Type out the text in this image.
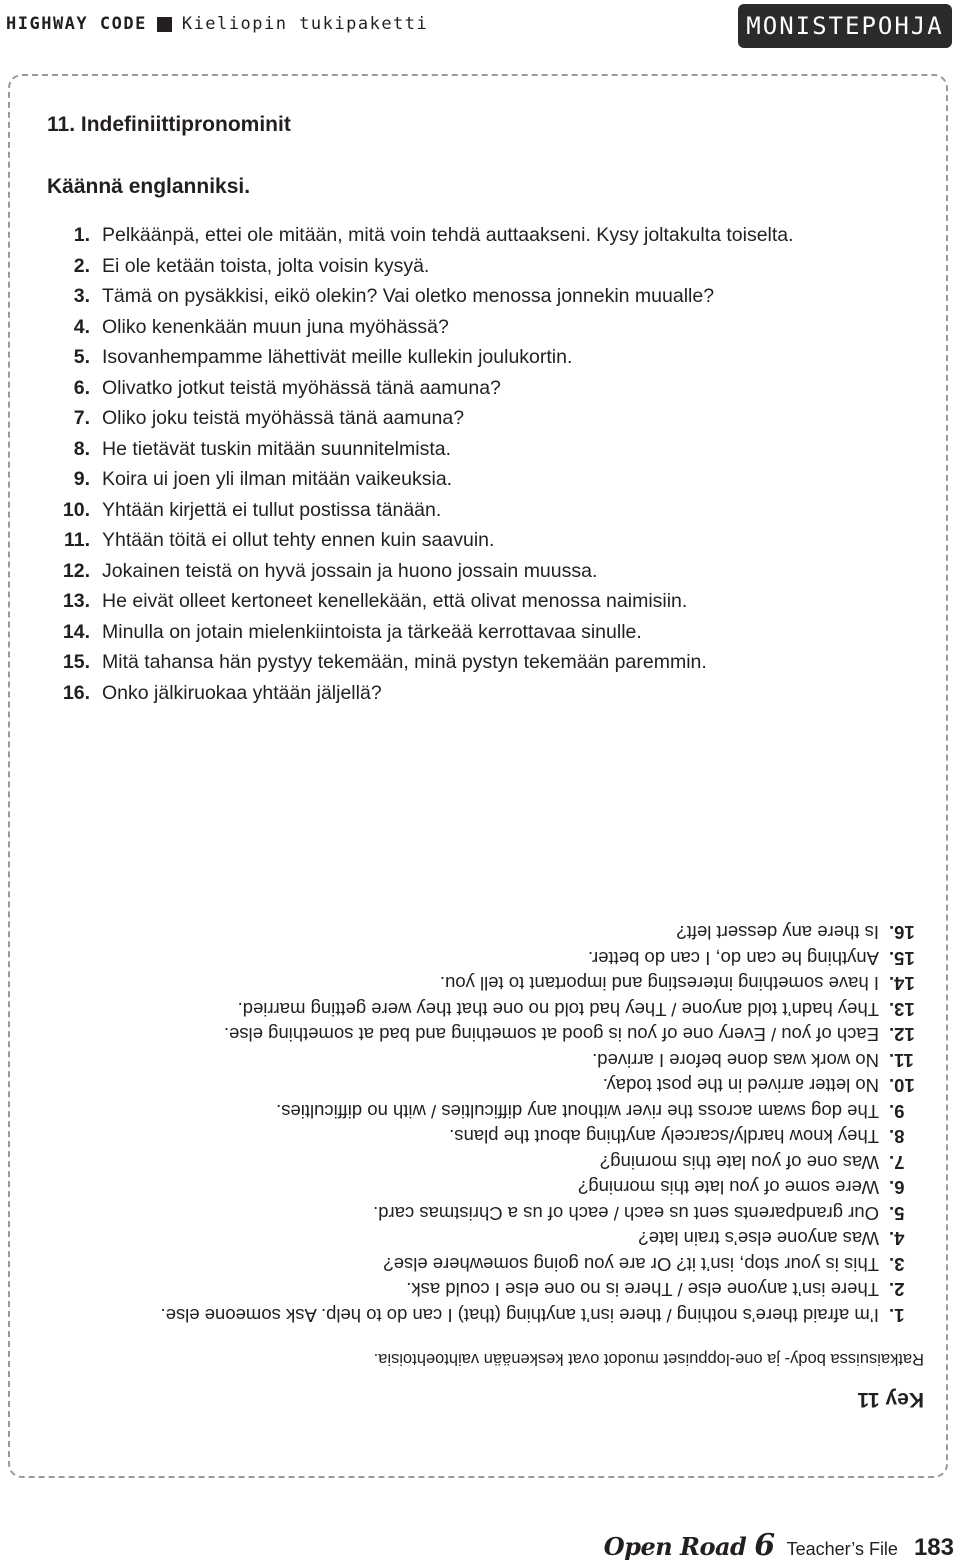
HIGHWAY CODE Kieliopin tukipaketti	MONISTEPOHJA
11. Indefiniittipronominit
Käännä englanniksi.
1. Pelkäänpä, ettei ole mitään, mitä voin tehdä auttaakseni. Kysy joltakulta toiselta.
2. Ei ole ketään toista, jolta voisin kysyä.
3. Tämä on pysäkkisi, eikö olekin? Vai oletko menossa jonnekin muualle?
4. Oliko kenenkään muun juna myöhässä?
5. Isovanhempamme lähettivät meille kullekin joulukortin.
6. Olivatko jotkut teistä myöhässä tänä aamuna?
7. Oliko joku teistä myöhässä tänä aamuna?
8. He tietävät tuskin mitään suunnitelmista.
9. Koira ui joen yli ilman mitään vaikeuksia.
10. Yhtään kirjettä ei tullut postissa tänään.
11. Yhtään töitä ei ollut tehty ennen kuin saavuin.
12. Jokainen teistä on hyvä jossain ja huono jossain muussa.
13. He eivät olleet kertoneet kenellekään, että olivat menossa naimisiin.
14. Minulla on jotain mielenkiintoista ja tärkeää kerrottavaa sinulle.
15. Mitä tahansa hän pystyy tekemään, minä pystyn tekemään paremmin.
16. Onko jälkiruokaa yhtään jäljellä?
Key 11
Ratkaisuissa body- ja one-loppuiset muodot ovat keskenään vaihtoehtoisia.
1.
I’m afraid there’s nothing / there isn’t anything (that) I can do to help. Ask someone else.
2.
There isn’t anyone else / There is no one else I could ask.
3.
This is your stop, isn’t it? Or are you going somewhere else?
4.
Was anyone else’s train late?
5.
Our grandparents sent us each / each of us a Christmas card.
6.
Were some of you late this morning?
7.
Was one of you late this morning?
8.
They know hardly/scarcely anything about the plans.
9.
The dog swam across the river without any difficulties / with no difficulties.
10.
No letter arrived in the post today.
11.
No work was done before I arrived.
12.
Each of you / Every one of you is good at something and bad at something else.
13.
They hadn’t told anyone / They had told no one that they were getting married.
14.
I have something interesting and important to tell you.
15.
Anything he can do, I can do better.
16.
Is there any dessert left?
Open Road 6 Teacher’s File 183
